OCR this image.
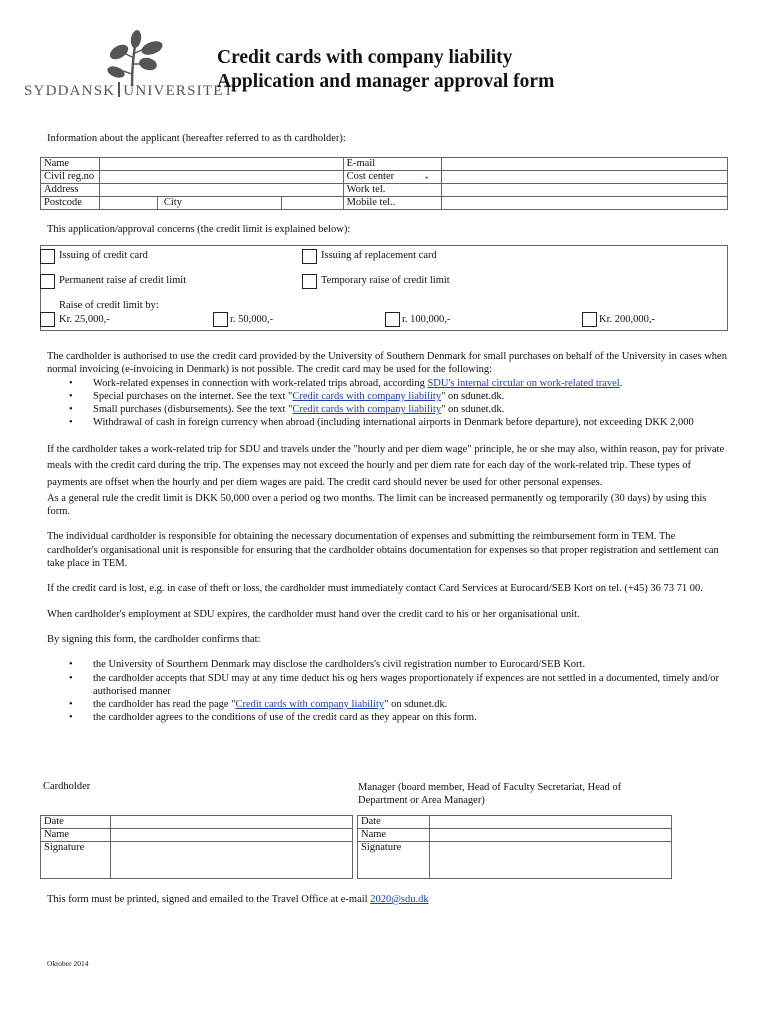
SYDDANSK UNIVERSITET
Credit cards with company liability
Application and manager approval form
Information about the applicant (hereafter referred to as th cardholder):
Name				E-mail	
Civil reg.no				Cost center	
Address				Work tel.	
Postcode		City		Mobile tel..	
•
This application/approval concerns (the credit limit is explained below):
Issuing of credit card	Issuing af replacement card
Permanent raise af credit limit	Temporary raise of credit limit
Raise of credit limit by:
Kr. 25,000,-	r. 50,000,-	r. 100,000,-	Kr. 200,000,-

The cardholder is authorised to use the credit card provided by the University of Southern Denmark for small purchases on behalf of the University in cases when normal invoicing (e-invoicing in Denmark) is not possible. The credit card may be used for the following:

• Work-related expenses in connection with work-related trips abroad, according SDU's internal circular on work-related travel.
• Special purchases on the internet. See the text "Credit cards with company liability" on sdunet.dk.
• Small purchases (disbursements). See the text "Credit cards with company liability" on sdunet.dk.
• Withdrawal of cash in foreign currency when abroad (including international airports in Denmark before departure), not exceeding DKK 2,000

If the cardholder takes a work-related trip for SDU and travels under the "hourly and per diem wage" principle, he or she may also, within reason, pay for private meals with the credit card during the trip. The expenses may not exceed the hourly and per diem rate for each day of the work-related trip. These types of payments are offset when the hourly and per diem wages are paid. The credit card should never be used for other personal expenses.

As a general rule the credit limit is DKK 50,000 over a period og two months. The limit can be increased permanently og temporarily (30 days) by using this form.

The individual cardholder is responsible for obtaining the necessary documentation of expenses and submitting the reimbursement form in TEM. The cardholder's organisational unit is responsible for ensuring that the cardholder obtains documentation for expenses so that proper registration and settlement can take place in TEM.

If the credit card is lost, e.g. in case of theft or loss, the cardholder must immediately contact Card Services at Eurocard/SEB Kort on tel. (+45) 36 73 71 00.

When cardholder's employment at SDU expires, the cardholder must hand over the credit card to his or her organisational unit.

By signing this form, the cardholder confirms that:

• the University of Sourthern Denmark may disclose the cardholders's civil registration number to Eurocard/SEB Kort.
• the cardholder accepts that SDU may at any time deduct his og hers wages proportionately if expences are not settled in a documented, timely and/or authorised manner
• the cardholder has read the page "Credit cards with company liability" on sdunet.dk.
• the cardholder agrees to the conditions of use of the credit card as they appear on this form.
Cardholder	Manager (board member, Head of Faculty Secretariat, Head of Department or Area Manager)
Date	
Name	
Signature	
Date	
Name	
Signature	
This form must be printed, signed and emailed to the Travel Office at e-mail 2020@sdu.dk
Oktober 2014
